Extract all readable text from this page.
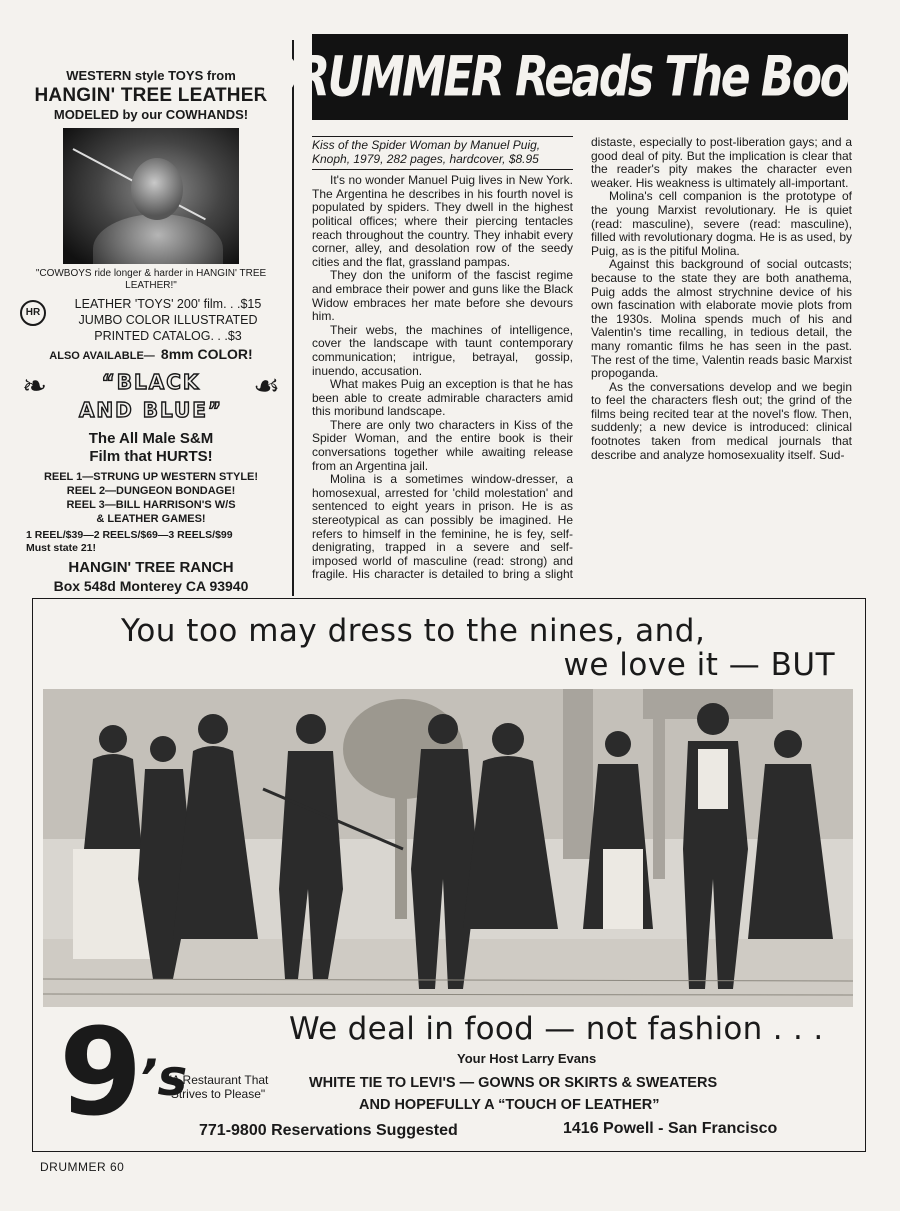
WESTERN style TOYS from
HANGIN' TREE LEATHER
MODELED by our COWHANDS!
"COWBOYS ride longer & harder in HANGIN' TREE LEATHER!"
HR
LEATHER 'TOYS' 200' film. . .$15
JUMBO COLOR ILLUSTRATED
PRINTED CATALOG. . .$3
ALSO AVAILABLE— 8mm COLOR!
❧	☙
“BLACK
AND BLUE”
The All Male S&M
Film that HURTS!
REEL 1—STRUNG UP WESTERN STYLE!
REEL 2—DUNGEON BONDAGE!
REEL 3—BILL HARRISON'S W/S
& LEATHER GAMES!
1 REEL/$39—2 REELS/$69—3 REELS/$99
Must state 21!
HANGIN' TREE RANCH
Box 548d Monterey CA 93940
DRUMMER Reads The Books
Kiss of the Spider Woman by Manuel Puig, Knoph, 1979, 282 pages, hardcover, $8.95

It's no wonder Manuel Puig lives in New York. The Argentina he describes in his fourth novel is populated by spiders. They dwell in the highest political offices; where their piercing tentacles reach throughout the country. They inhabit every corner, alley, and desolation row of the seedy cities and the flat, grassland pampas.

They don the uniform of the fascist regime and embrace their power and guns like the Black Widow embraces her mate before she devours him.

Their webs, the machines of intelligence, cover the landscape with taunt contemporary communication; intrigue, betrayal, gossip, inuendo, accusation.

What makes Puig an exception is that he has been able to create admirable characters amid this moribund landscape.

There are only two characters in Kiss of the Spider Woman, and the entire book is their conversations together while awaiting release from an Argentina jail.

Molina is a sometimes window-dresser, a homosexual, arrested for 'child molestation' and sentenced to eight years in prison. He is as stereotypical as can possibly be imagined. He refers to himself in the feminine, he is fey, self-denigrating, trapped in a severe and self-imposed world of masculine (read: strong) and fragile. His character is detailed to bring a slight distaste, especially to post-liberation gays; and a good deal of pity. But the implication is clear that the reader's pity makes the character even weaker. His weakness is ultimately all-important.

Molina's cell companion is the prototype of the young Marxist revolutionary. He is quiet (read: masculine), severe (read: masculine), filled with revolutionary dogma. He is as used, by Puig, as is the pitiful Molina.

Against this background of social outcasts; because to the state they are both anathema, Puig adds the almost strychnine device of his own fascination with elaborate movie plots from the 1930s. Molina spends much of his and Valentin's time recalling, in tedious detail, the many romantic films he has seen in the past. The rest of the time, Valentin reads basic Marxist propoganda.

As the conversations develop and we begin to feel the characters flesh out; the grind of the films being recited tear at the novel's flow. Then, suddenly; a new device is introduced: clinical footnotes taken from medical journals that describe and analyze homosexuality itself. Sud-

You too may dress to the nines, and,
we love it — BUT
$9^{’s}$
We deal in food — not fashion . . .
"A Restaurant That Strives to Please"
Your Host Larry Evans
WHITE TIE TO LEVI'S — GOWNS OR SKIRTS & SWEATERS
AND HOPEFULLY A “TOUCH OF LEATHER”
771-9800 Reservations Suggested	1416 Powell - San Francisco
DRUMMER 60
